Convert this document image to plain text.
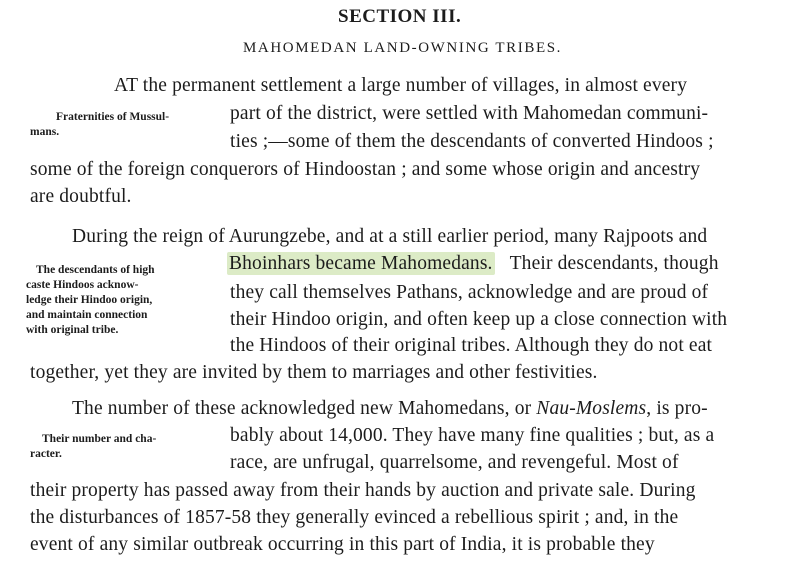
SECTION III.
MAHOMEDAN LAND-OWNING TRIBES.
AT the permanent settlement a large number of villages, in almost every
part of the district, were settled with Mahomedan communi-
ties ;—some of them the descendants of converted Hindoos ;
some of the foreign conquerors of Hindoostan ; and some whose origin and ancestry
are doubtful.
Fraternities of Mussul-
mans.
During the reign of Aurungzebe, and at a still earlier period, many Rajpoots and
Bhoinhars became Mahomedans. Their descendants, though
they call themselves Pathans, acknowledge and are proud of
their Hindoo origin, and often keep up a close connection with
the Hindoos of their original tribes. Although they do not eat
together, yet they are invited by them to marriages and other festivities.
The descendants of high
caste Hindoos acknow-
ledge their Hindoo origin,
and maintain connection
with original tribe.
The number of these acknowledged new Mahomedans, or Nau-Moslems, is pro-
bably about 14,000. They have many fine qualities ; but, as a
race, are unfrugal, quarrelsome, and revengeful. Most of
their property has passed away from their hands by auction and private sale. During
the disturbances of 1857-58 they generally evinced a rebellious spirit ; and, in the
event of any similar outbreak occurring in this part of India, it is probable they
Their number and cha-
racter.
